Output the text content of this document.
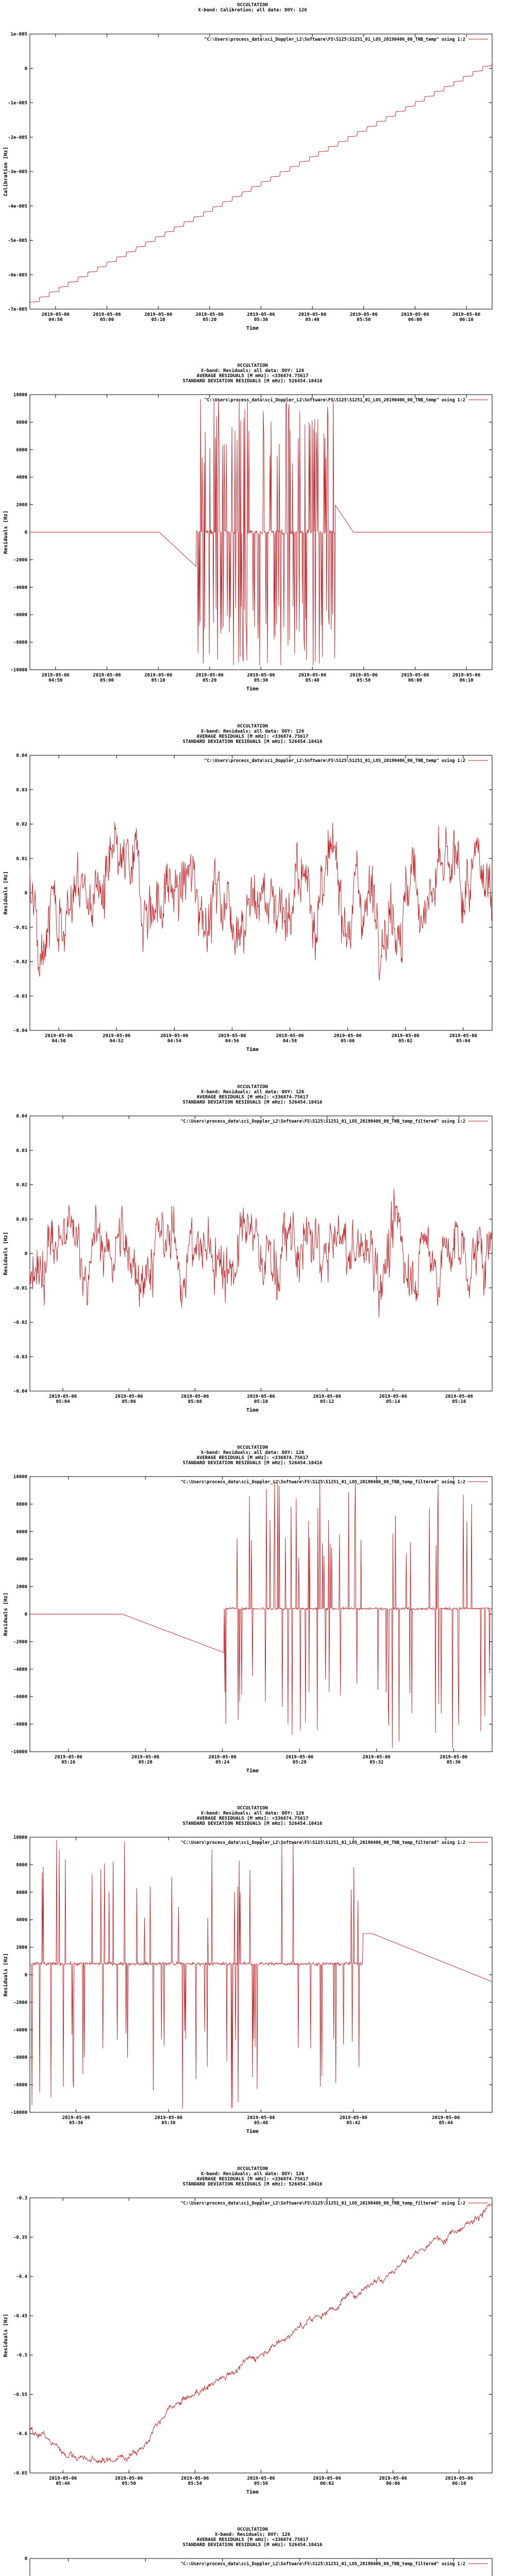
OCCULTATION
X-band: Calibration; all data: DOY: 126
"C:\Users\process_data\sci_Doppler_L2\Software\FS\S125\S1251_01_LOS_20190406_00_TNB_temp" using 1:2
1e-005
0
-1e-005
-2e-005
-3e-005
-4e-005
-5e-005
-6e-005
-7e-005
2019-05-06
04:50
2019-05-06
05:00
2019-05-06
05:10
2019-05-06
05:20
2019-05-06
05:30
2019-05-06
05:40
2019-05-06
05:50
2019-05-06
06:00
2019-05-06
06:10
Time
Calibration [Hz]
OCCULTATION
X-band: Residuals; all data: DOY: 126
AVERAGE RESIDUALS [M mHz]: <336874.75617
STANDARD DEVIATION RESIDUALS [M mHz]: 526454.10416
"C:\Users\process_data\sci_Doppler_L2\Software\FS\S125\S1251_01_LOS_20190406_00_TNB_temp" using 1:2
10000
8000
6000
4000
2000
0
-2000
-4000
-6000
-8000
-10000
2019-05-06
04:50
2019-05-06
05:00
2019-05-06
05:10
2019-05-06
05:20
2019-05-06
05:30
2019-05-06
05:40
2019-05-06
05:50
2019-05-06
06:00
2019-05-06
06:10
Time
Residuals [Hz]
OCCULTATION
X-band: Residuals; all data: DOY: 126
AVERAGE RESIDUALS [M mHz]: <336874.75617
STANDARD DEVIATION RESIDUALS [M mHz]: 526454.10416
"C:\Users\process_data\sci_Doppler_L2\Software\FS\S125\S1251_01_LOS_20190406_00_TNB_temp" using 1:2
0.04
0.03
0.02
0.01
0
-0.01
-0.02
-0.03
-0.04
2019-05-06
04:50
2019-05-06
04:52
2019-05-06
04:54
2019-05-06
04:56
2019-05-06
04:58
2019-05-06
05:00
2019-05-06
05:02
2019-05-06
05:04
Time
Residuals [Hz]
OCCULTATION
X-band: Residuals; all data: DOY: 126
AVERAGE RESIDUALS [M mHz]: <336874.75617
STANDARD DEVIATION RESIDUALS [M mHz]: 526454.10416
"C:\Users\process_data\sci_Doppler_L2\Software\FS\S125\S1251_01_LOS_20190406_00_TNB_temp_filtered" using 1:2
0.04
0.03
0.02
0.01
0
-0.01
-0.02
-0.03
-0.04
2019-05-06
05:04
2019-05-06
05:06
2019-05-06
05:08
2019-05-06
05:10
2019-05-06
05:12
2019-05-06
05:14
2019-05-06
05:16
Time
Residuals [Hz]
OCCULTATION
X-band: Residuals; all data: DOY: 126
AVERAGE RESIDUALS [M mHz]: <336874.75617
STANDARD DEVIATION RESIDUALS [M mHz]: 526454.10416
"C:\Users\process_data\sci_Doppler_L2\Software\FS\S125\S1251_01_LOS_20190406_00_TNB_temp_filtered" using 1:2
10000
8000
6000
4000
2000
0
-2000
-4000
-6000
-8000
-10000
2019-05-06
05:16
2019-05-06
05:20
2019-05-06
05:24
2019-05-06
05:28
2019-05-06
05:32
2019-05-06
05:36
Time
Residuals [Hz]
OCCULTATION
X-band: Residuals; all data: DOY: 126
AVERAGE RESIDUALS [M mHz]: <336874.75617
STANDARD DEVIATION RESIDUALS [M mHz]: 526454.10416
"C:\Users\process_data\sci_Doppler_L2\Software\FS\S125\S1251_01_LOS_20190406_00_TNB_temp_filtered" using 1:2
10000
8000
6000
4000
2000
0
-2000
-4000
-6000
-8000
-10000
2019-05-06
05:36
2019-05-06
05:38
2019-05-06
05:40
2019-05-06
05:42
2019-05-06
05:44
Time
Residuals [Hz]
OCCULTATION
X-band: Residuals; all data: DOY: 126
AVERAGE RESIDUALS [M mHz]: <336874.75617
STANDARD DEVIATION RESIDUALS [M mHz]: 526454.10416
"C:\Users\process_data\sci_Doppler_L2\Software\FS\S125\S1251_01_LOS_20190406_00_TNB_temp_filtered" using 1:2
-0.3
-0.35
-0.4
-0.45
-0.5
-0.55
-0.6
-0.65
2019-05-06
05:46
2019-05-06
05:50
2019-05-06
05:54
2019-05-06
05:58
2019-05-06
06:02
2019-05-06
06:06
2019-05-06
06:10
Time
Residuals [Hz]
OCCULTATION
X-band: Residuals; DOY: 126
AVERAGE RESIDUALS [M mHz]: <336874.75617
STANDARD DEVIATION RESIDUALS [M mHz]: 526454.10416
"C:\Users\process_data\sci_Doppler_L2\Software\FS\S125\S1251_01_LOS_20190406_00_TNB_temp_filtered" using 1:2
0
